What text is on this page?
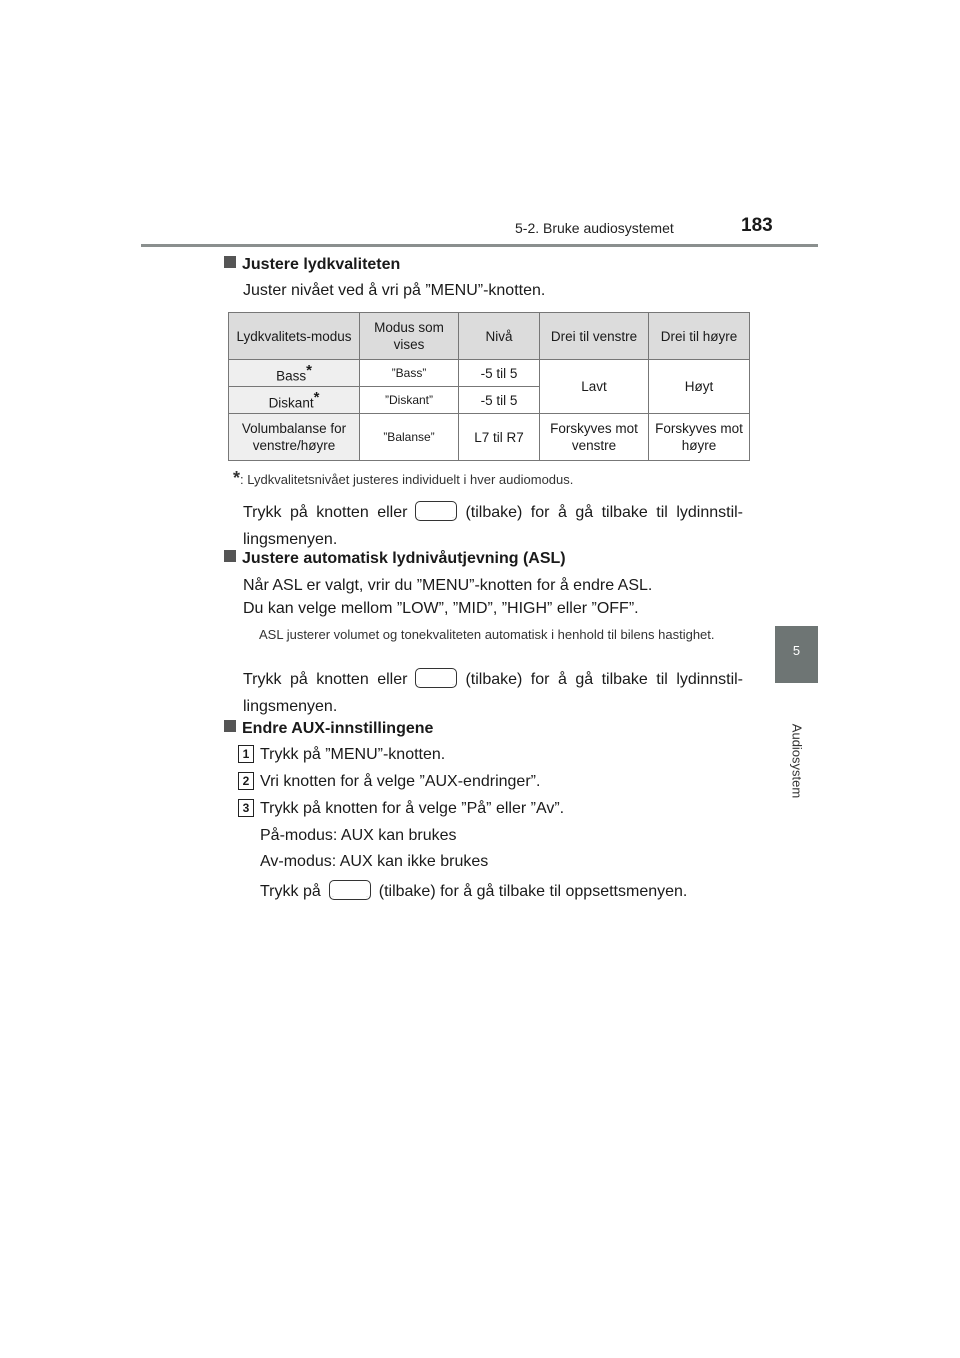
5-2. Bruke audiosystemet	183
5
Audiosystem
Justere lydkvaliteten
Juster nivået ved å vri på ”MENU”-knotten.
Lydkvalitets-modus	Modus som vises	Nivå	Drei til venstre	Drei til høyre
Bass*	”Bass”	-5 til 5	Lavt	Høyt
Diskant*	”Diskant”	-5 til 5		
Volumbalanse for venstre/høyre	”Balanse”	L7 til R7	Forskyves mot venstre	Forskyves mot høyre
*: Lydkvalitetsnivået justeres individuelt i hver audiomodus.
Trykk på knotten eller	(tilbake) for å gå tilbake til lydinnstil-lingsmenyen.
Justere automatisk lydnivåutjevning (ASL)
Når ASL er valgt, vrir du ”MENU”-knotten for å endre ASL.
Du kan velge mellom ”LOW”, ”MID”, ”HIGH” eller ”OFF”.
ASL justerer volumet og tonekvaliteten automatisk i henhold til bilens hastighet.
Trykk på knotten eller	(tilbake) for å gå tilbake til lydinnstil-lingsmenyen.
Endre AUX-innstillingene
1 Trykk på ”MENU”-knotten.
2 Vri knotten for å velge ”AUX-endringer”.
3 Trykk på knotten for å velge ”På” eller ”Av”.
På-modus: AUX kan brukes
Av-modus: AUX kan ikke brukes
Trykk på	(tilbake) for å gå tilbake til oppsettsmenyen.
OM99P39NO
